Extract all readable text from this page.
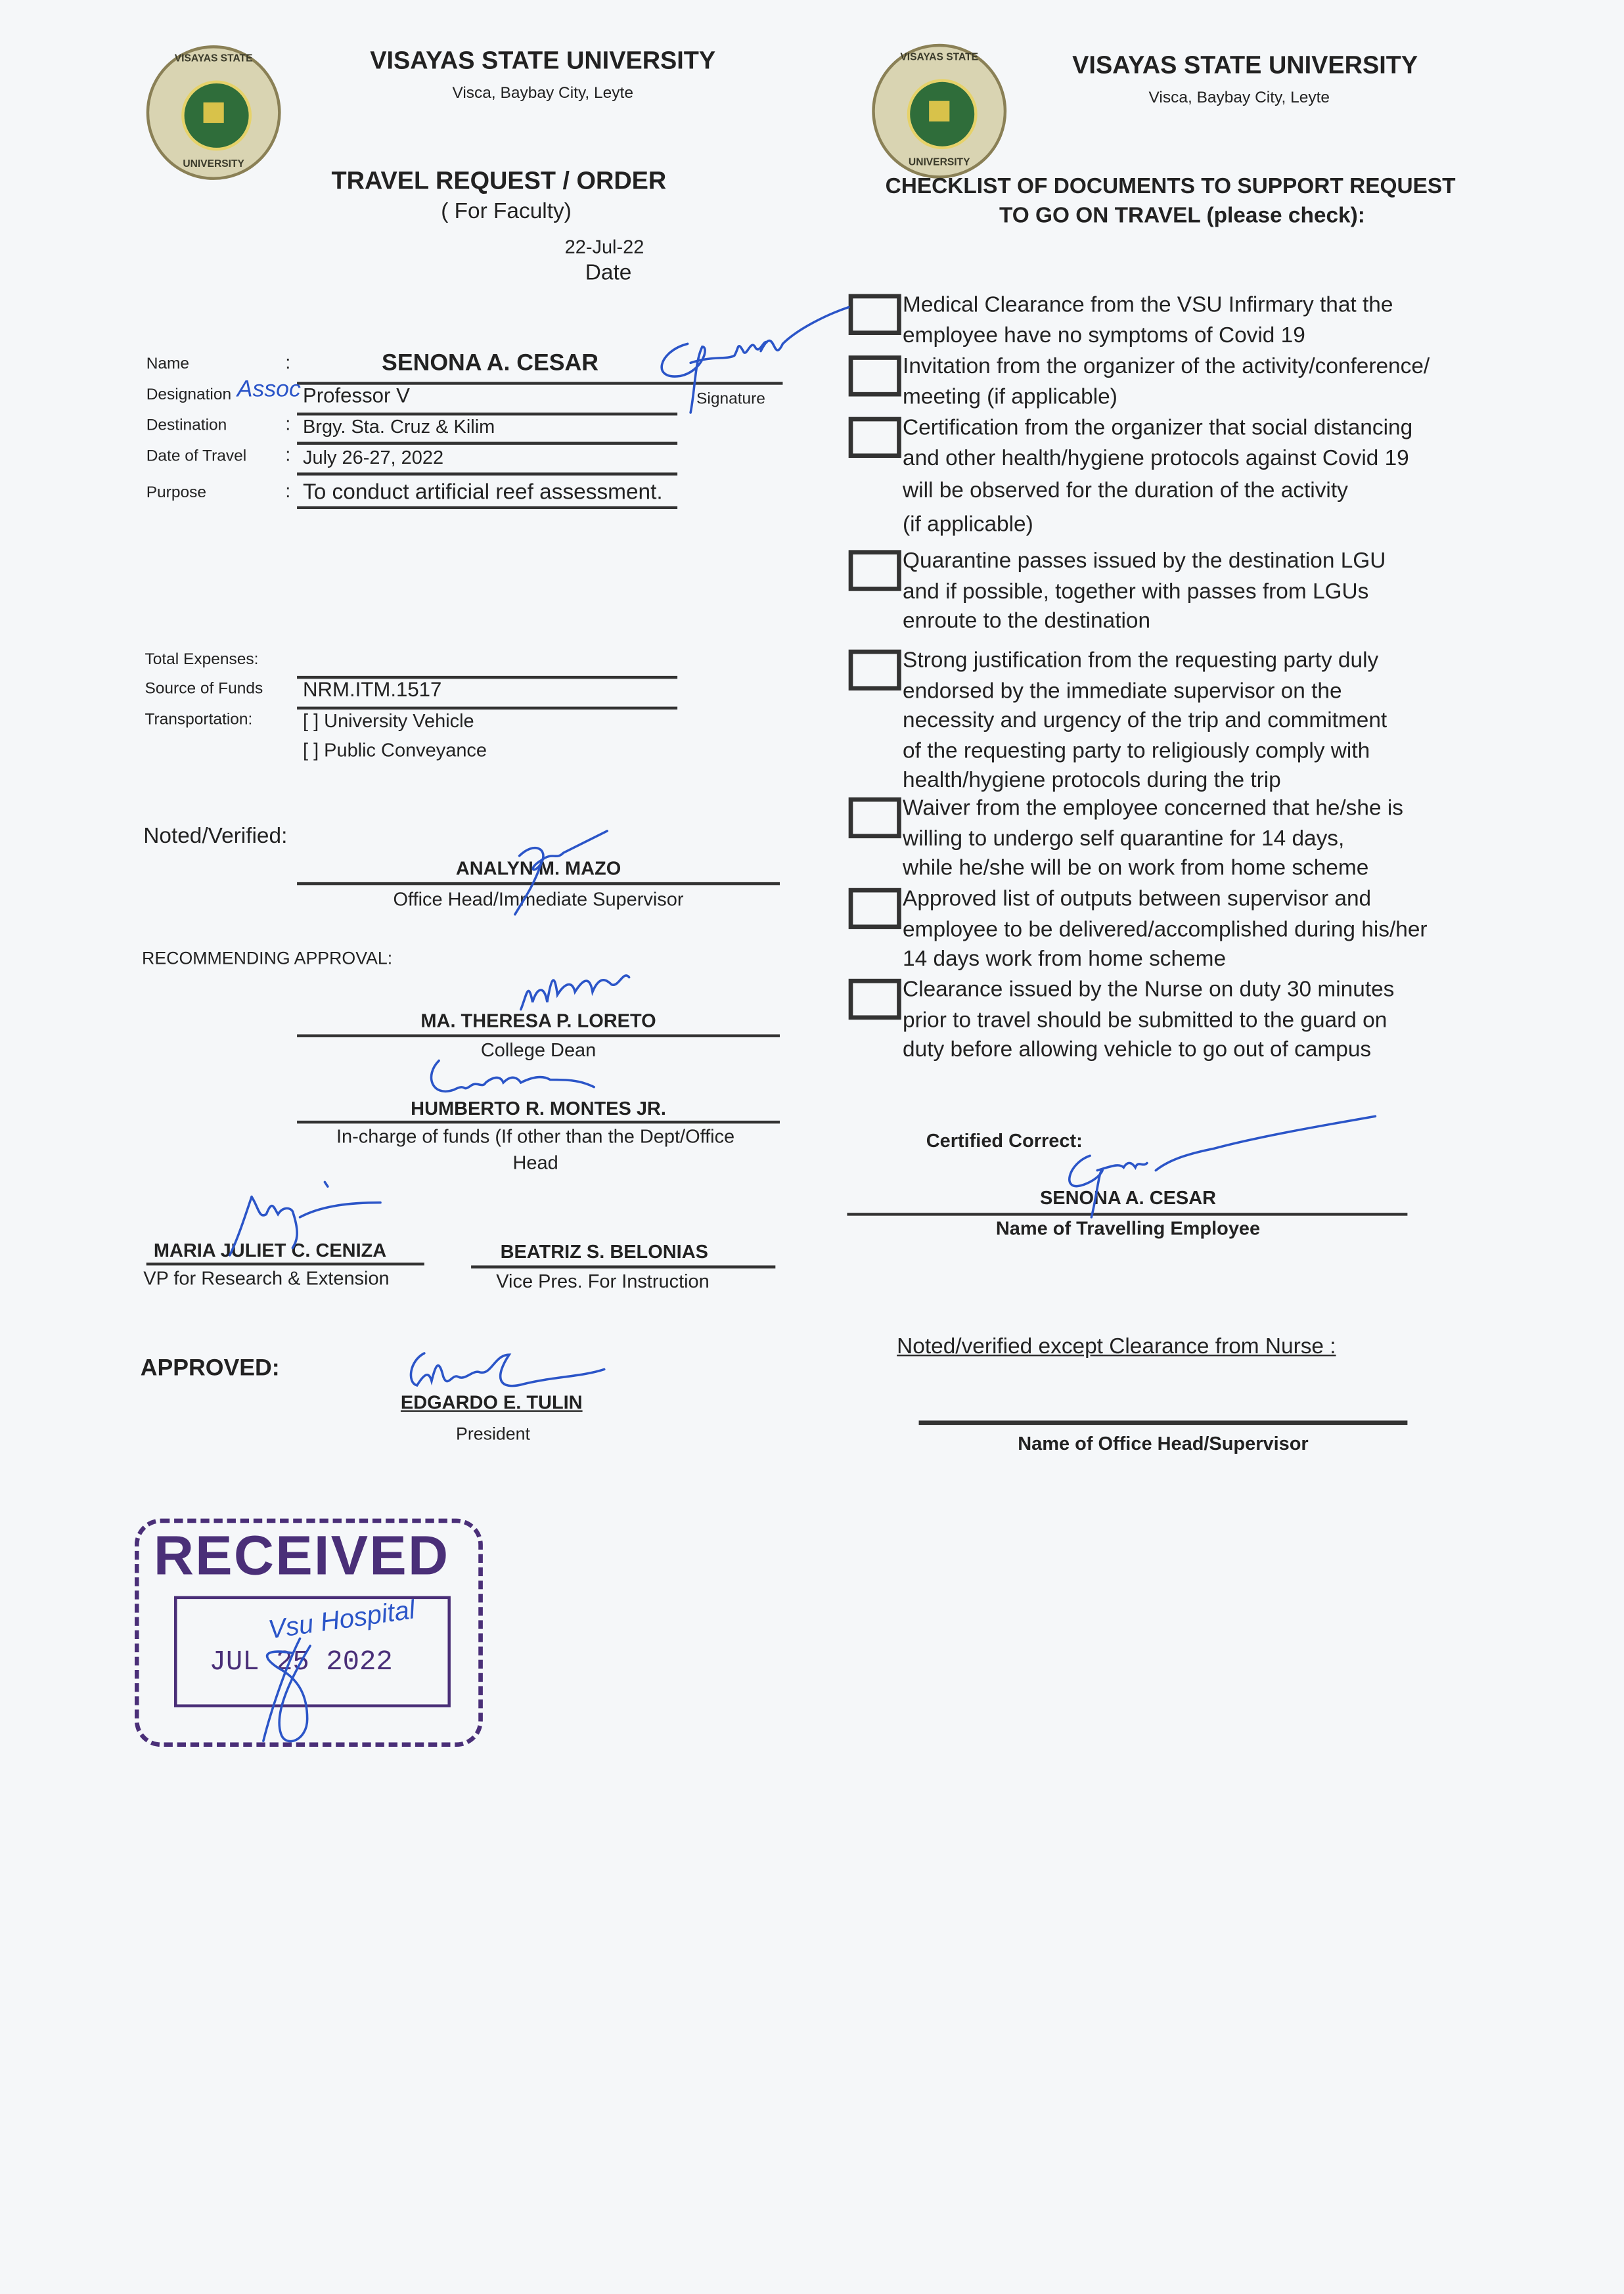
VISAYAS STATE
UNIVERSITY
VISAYAS STATE UNIVERSITY
Visca, Baybay City, Leyte
TRAVEL REQUEST / ORDER
( For Faculty)
22-Jul-22
Date
Name	:	SENONA A. CESAR
Signature
Designation Assoc Professor V
Destination	: Brgy. Sta. Cruz & Kilim
Date of Travel	: July 26-27, 2022
Purpose	: To conduct artificial reef assessment.
Total Expenses:
Source of Funds	NRM.ITM.1517
Transportation:	[ ] University Vehicle
[ ] Public Conveyance
Noted/Verified:
ANALYN M. MAZO
Office Head/Immediate Supervisor
RECOMMENDING APPROVAL:
MA. THERESA P. LORETO
College Dean
HUMBERTO R. MONTES JR.
In-charge of funds (If other than the Dept/Office
Head
MARIA JULIET C. CENIZA
VP for Research & Extension
BEATRIZ S. BELONIAS
Vice Pres. For Instruction
APPROVED:
EDGARDO E. TULIN
President
RECEIVED
JUL 25 2022
Vsu Hospital
VISAYAS STATE
UNIVERSITY
VISAYAS STATE UNIVERSITY
Visca, Baybay City, Leyte
CHECKLIST OF DOCUMENTS TO SUPPORT REQUEST
TO GO ON TRAVEL (please check):
Medical Clearance from the VSU Infirmary that the
employee have no symptoms of Covid 19
Invitation from the organizer of the activity/conference/
meeting (if applicable)
Certification from the organizer that social distancing
and other health/hygiene protocols against Covid 19
will be observed for the duration of the activity
(if applicable)
Quarantine passes issued by the destination LGU
and if possible, together with passes from LGUs
enroute to the destination
Strong justification from the requesting party duly
endorsed by the immediate supervisor on the
necessity and urgency of the trip and commitment
of the requesting party to religiously comply with
health/hygiene protocols during the trip
Waiver from the employee concerned that he/she is
willing to undergo self quarantine for 14 days,
while he/she will be on work from home scheme
Approved list of outputs between supervisor and
employee to be delivered/accomplished during his/her
14 days work from home scheme
Clearance issued by the Nurse on duty 30 minutes
prior to travel should be submitted to the guard on
duty before allowing vehicle to go out of campus
Certified Correct:
SENONA A. CESAR
Name of Travelling Employee
Noted/verified except Clearance from Nurse :
Name of Office Head/Supervisor
